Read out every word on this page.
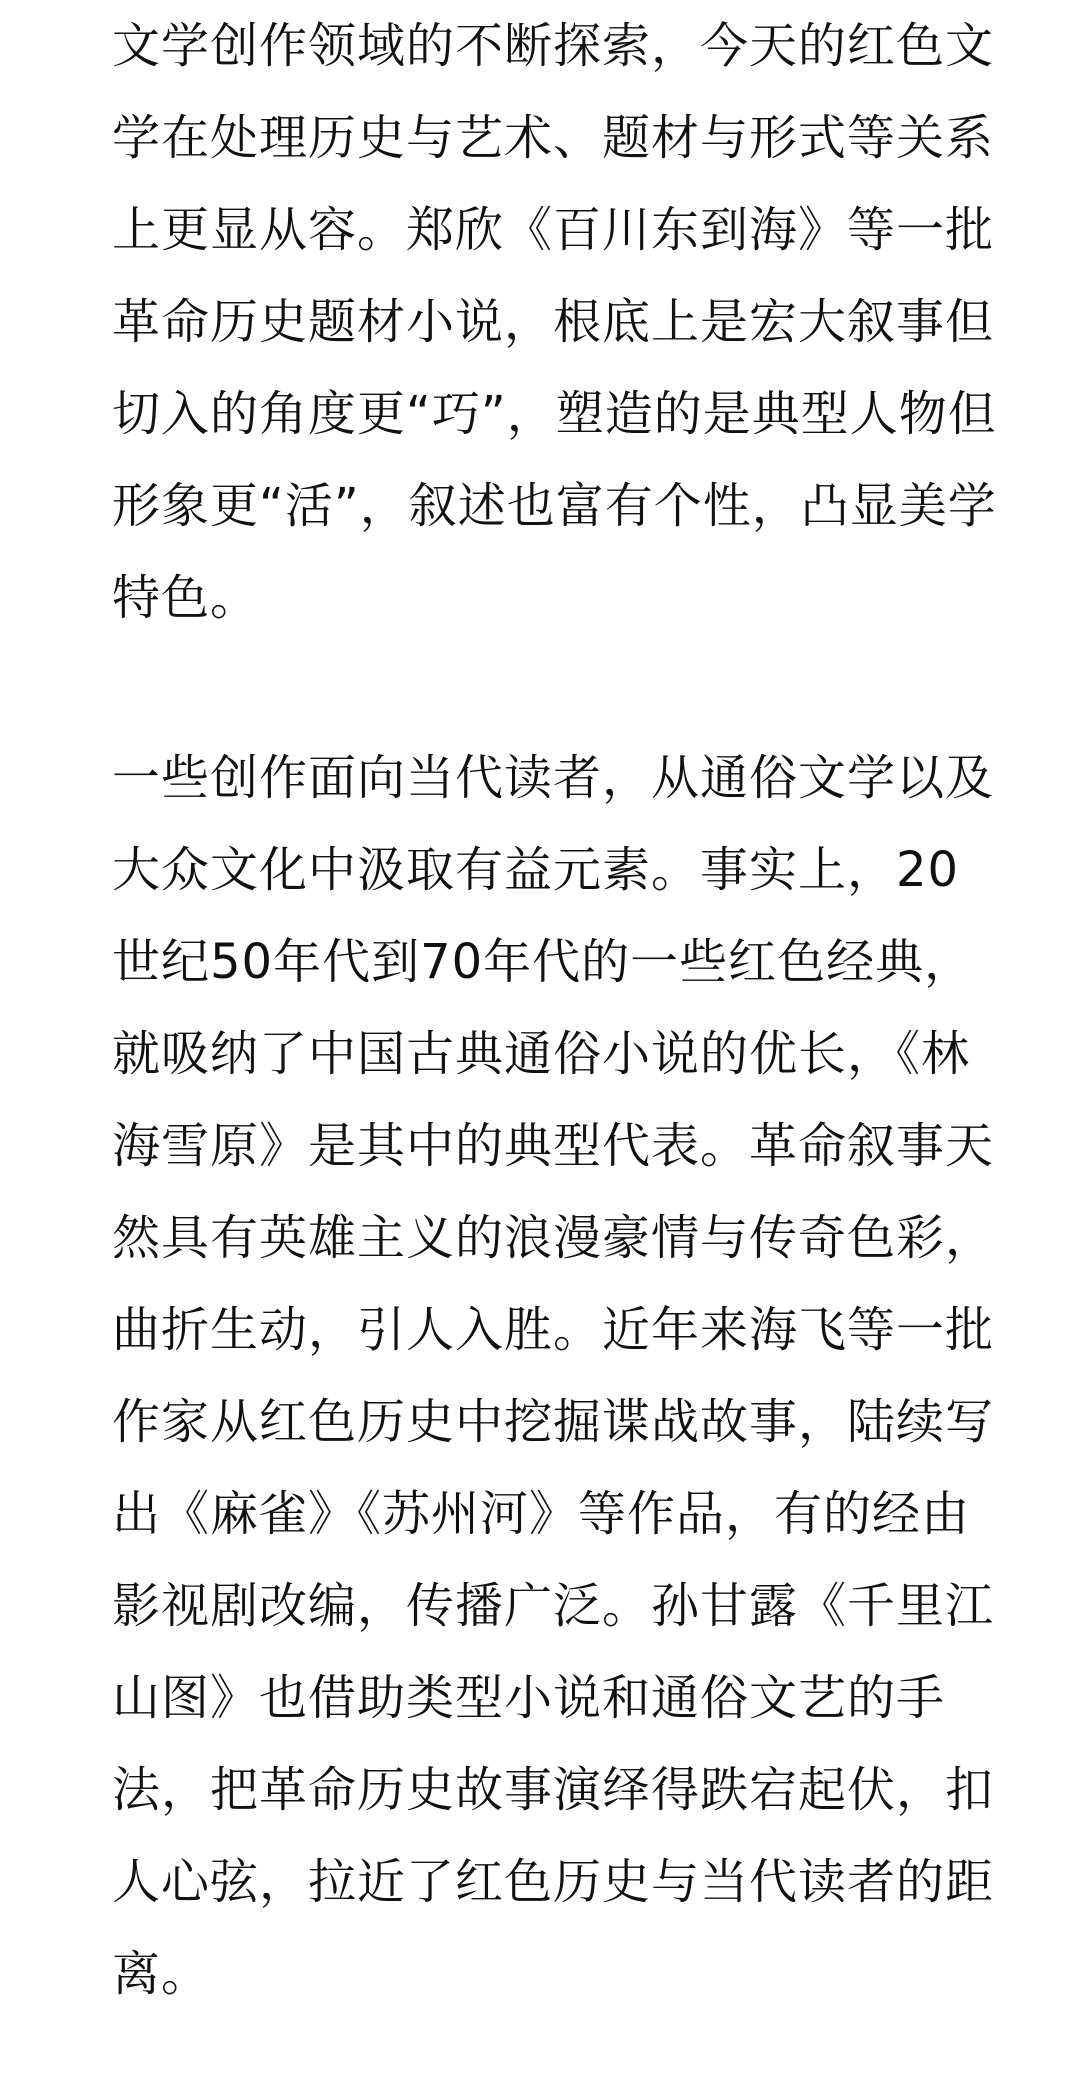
文学创作领域的不断探索，今天的红色文
学在处理历史与艺术、题材与形式等关系
上更显从容。郑欣《百川东到海》等一批
革命历史题材小说，根底上是宏大叙事但
切入的角度更“巧”，塑造的是典型人物但
形象更“活”，叙述也富有个性，凸显美学
特色。
一些创作面向当代读者，从通俗文学以及
大众文化中汲取有益元素。事实上，20
世纪50年代到70年代的一些红色经典，
就吸纳了中国古典通俗小说的优长，《林
海雪原》是其中的典型代表。革命叙事天
然具有英雄主义的浪漫豪情与传奇色彩，
曲折生动，引人入胜。近年来海飞等一批
作家从红色历史中挖掘谍战故事，陆续写
出《麻雀》《苏州河》等作品，有的经由
影视剧改编，传播广泛。孙甘露《千里江
山图》也借助类型小说和通俗文艺的手
法，把革命历史故事演绎得跌宕起伏，扣
人心弦，拉近了红色历史与当代读者的距
离。
